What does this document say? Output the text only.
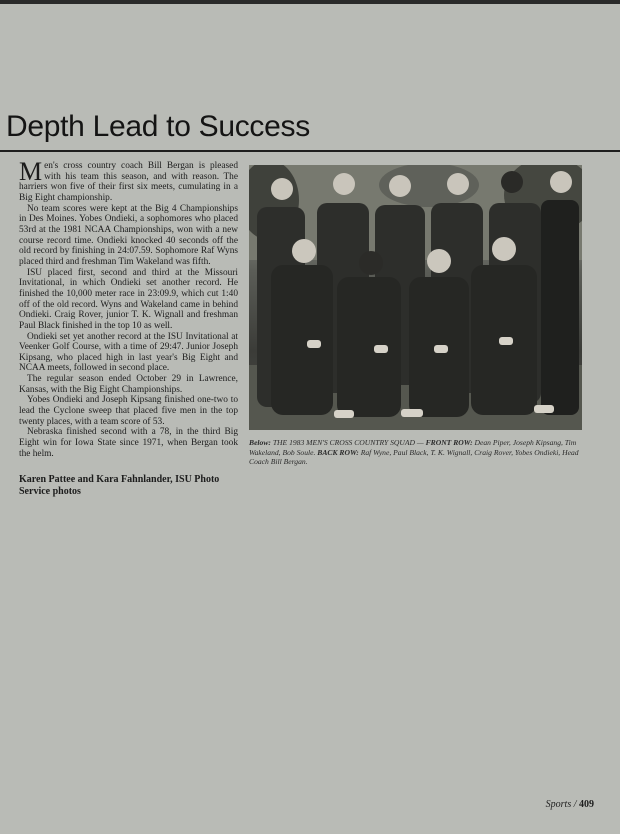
Depth Lead to Success

Men's cross country coach Bill Bergan is pleased with his team this season, and with reason. The harriers won five of their first six meets, cumulating in a Big Eight championship.

No team scores were kept at the Big 4 Championships in Des Moines. Yobes Ondieki, a sophomores who placed 53rd at the 1981 NCAA Championships, won with a new course record time. Ondieki knocked 40 seconds off the old record by finishing in 24:07.59. Sophomore Raf Wyns placed third and freshman Tim Wakeland was fifth.

ISU placed first, second and third at the Missouri Invitational, in which Ondieki set another record. He finished the 10,000 meter race in 23:09.9, which cut 1:40 off of the old record. Wyns and Wakeland came in behind Ondieki. Craig Rover, junior T. K. Wignall and freshman Paul Black finished in the top 10 as well.

Ondieki set yet another record at the ISU Invitational at Veenker Golf Course, with a time of 29:47. Junior Joseph Kipsang, who placed high in last year's Big Eight and NCAA meets, followed in second place.

The regular season ended October 29 in Lawrence, Kansas, with the Big Eight Championships.

Yobes Ondieki and Joseph Kipsang finished one-two to lead the Cyclone sweep that placed five men in the top twenty places, with a team score of 53.

Nebraska finished second with a 78, in the third Big Eight win for Iowa State since 1971, when Bergan took the helm.

Karen Pattee and Kara Fahnlander, ISU Photo Service photos
Below: THE 1983 MEN'S CROSS COUNTRY SQUAD — FRONT ROW: Dean Piper, Joseph Kipsang, Tim Wakeland, Bob Soule. BACK ROW: Raf Wyne, Paul Black, T. K. Wignall, Craig Rover, Yobes Ondieki, Head Coach Bill Bergan.
Sports / 409
